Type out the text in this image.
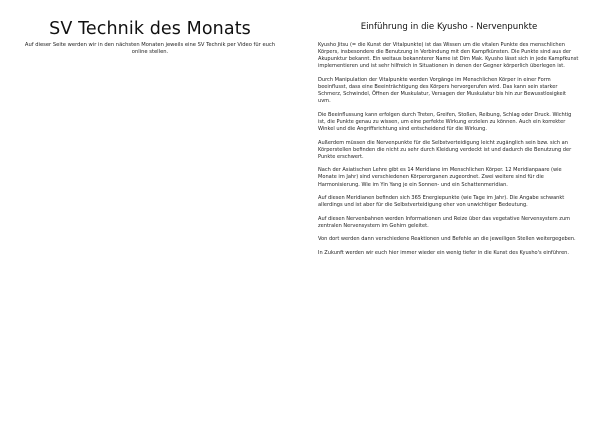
SV Technik des Monats

Auf dieser Seite werden wir in den nächsten Monaten jeweils eine SV Technik per Video für euch online stellen.

Einführung in die Kyusho - Nervenpunkte

Kyusho Jitsu (= die Kunst der Vitalpunkte) ist das Wissen um die vitalen Punkte des menschlichen Körpers, insbesondere die Benutzung in Verbindung mit den Kampfkünsten. Die Punkte sind aus der Akupunktur bekannt. Ein weitaus bekannterer Name ist Dim Mak. Kyusho lässt sich in jede Kampfkunst implementieren und ist sehr hilfreich in Situationen in denen der Gegner körperlich überlegen ist.

Durch Manipulation der Vitalpunkte werden Vorgänge im Menschlichen Körper in einer Form beeinflusst, dass eine Beeinträchtigung des Körpers hervorgerufen wird. Das kann sein starker Schmerz, Schwindel, Öffnen der Muskulatur, Versagen der Muskulatur bis hin zur Bewusstlosigkeit uvm.

Die Beeinflussung kann erfolgen durch Treten, Greifen, Stoßen, Reibung, Schlag oder Druck. Wichtig ist, die Punkte genau zu wissen, um eine perfekte Wirkung erzielen zu können. Auch ein korrekter Winkel und die Angriffsrichtung sind entscheidend für die Wirkung.

Außerdem müssen die Nervenpunkte für die Selbstverteidigung leicht zugänglich sein bzw. sich an Körperstellen befinden die nicht zu sehr durch Kleidung verdeckt ist und dadurch die Benutzung der Punkte erschwert.

Nach der Asiatischen Lehre gibt es 14 Meridiane im Menschlichen Körper. 12 Meridianpaare (wie Monate im Jahr) sind verschiedenen Körperorganen zugeordnet. Zwei weitere sind für die Harmonisierung. Wie im Yin Yang je ein Sonnen- und ein Schattenmeridian.

Auf diesen Meridianen befinden sich 365 Energiepunkte (wie Tage im Jahr). Die Angabe schwankt allerdings und ist aber für die Selbstverteidigung eher von unwichtiger Bedeutung.

Auf diesen Nervenbahnen werden Informationen und Reize über das vegetative Nervensystem zum zentralen Nervensystem im Gehirn geleitet.

Von dort werden dann verschiedene Reaktionen und Befehle an die jeweiligen Stellen weitergegeben.

In Zukunft werden wir euch hier immer wieder ein wenig tiefer in die Kunst des Kyusho's einführen.
